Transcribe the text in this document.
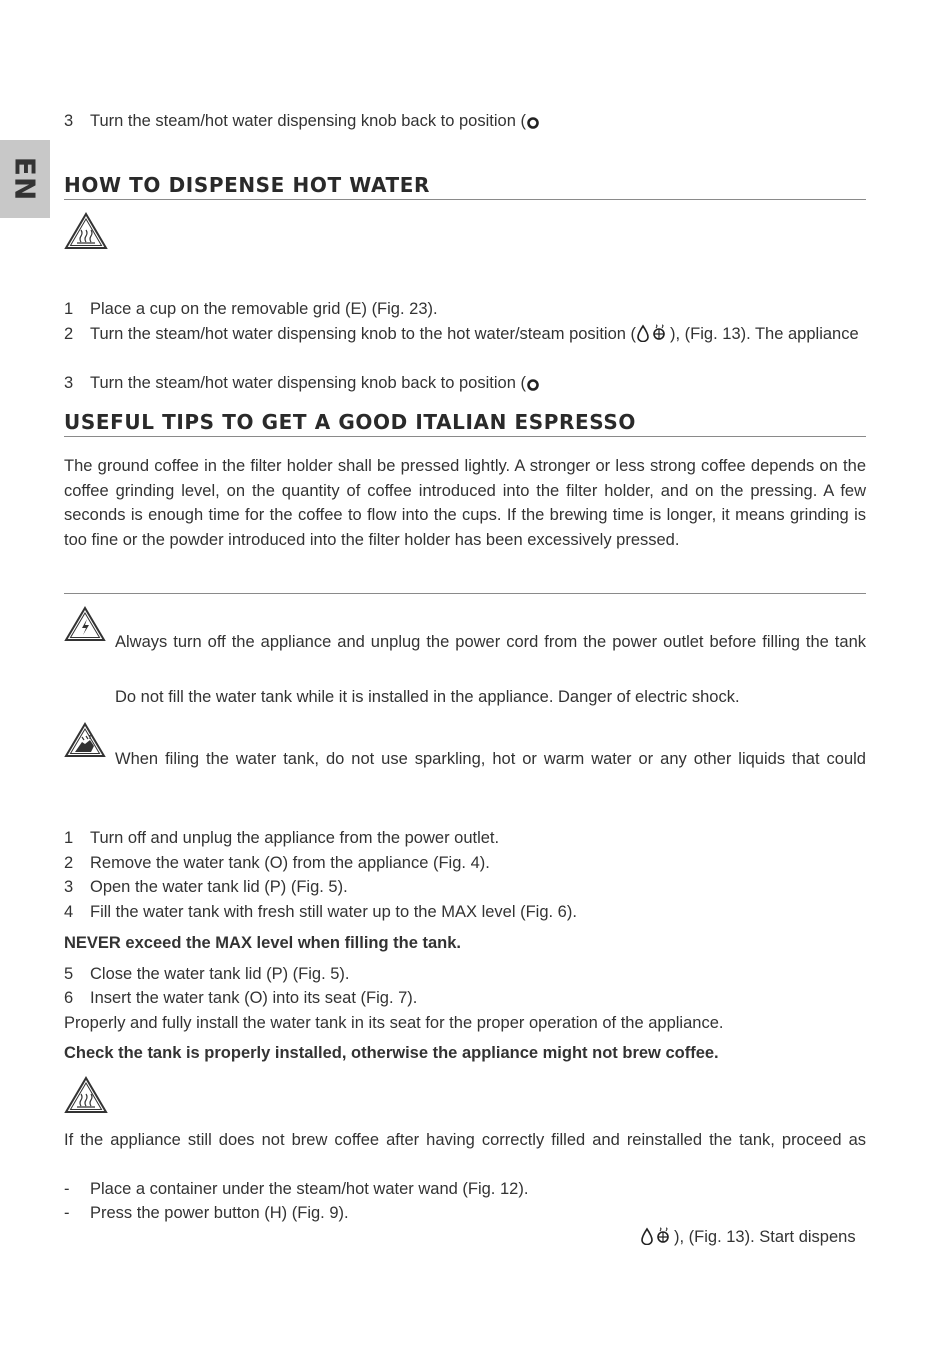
EN
3 Turn the steam/hot water dispensing knob back to position (
HOW TO DISPENSE HOT WATER
1 Place a cup on the removable grid (E) (Fig. 23).
2 Turn the steam/hot water dispensing knob to the hot water/steam position ( ), (Fig. 13). The appliance
3 Turn the steam/hot water dispensing knob back to position (
USEFUL TIPS TO GET A GOOD ITALIAN ESPRESSO
The ground coffee in the filter holder shall be pressed lightly. A stronger or less strong coffee depends on the coffee grinding level, on the quantity of coffee introduced into the filter holder, and on the pressing. A few seconds is enough time for the coffee to flow into the cups. If the brewing time is longer, it means grinding is too fine or the powder introduced into the filter holder has been excessively pressed.
Always turn off the appliance and unplug the power cord from the power outlet before filling the tank
Do not fill the water tank while it is installed in the appliance. Danger of electric shock.
When filing the water tank, do not use sparkling, hot or warm water or any other liquids that could
1 Turn off and unplug the appliance from the power outlet.
2 Remove the water tank (O) from the appliance (Fig. 4).
3 Open the water tank lid (P) (Fig. 5).
4 Fill the water tank with fresh still water up to the MAX level (Fig. 6).
NEVER exceed the MAX level when filling the tank.
5 Close the water tank lid (P) (Fig. 5).
6 Insert the water tank (O) into its seat (Fig. 7).
Properly and fully install the water tank in its seat for the proper operation of the appliance.
Check the tank is properly installed, otherwise the appliance might not brew coffee.
If the appliance still does not brew coffee after having correctly filled and reinstalled the tank, proceed as
- Place a container under the steam/hot water wand (Fig. 12).
- Press the power button (H) (Fig. 9).
), (Fig. 13). Start dispens
